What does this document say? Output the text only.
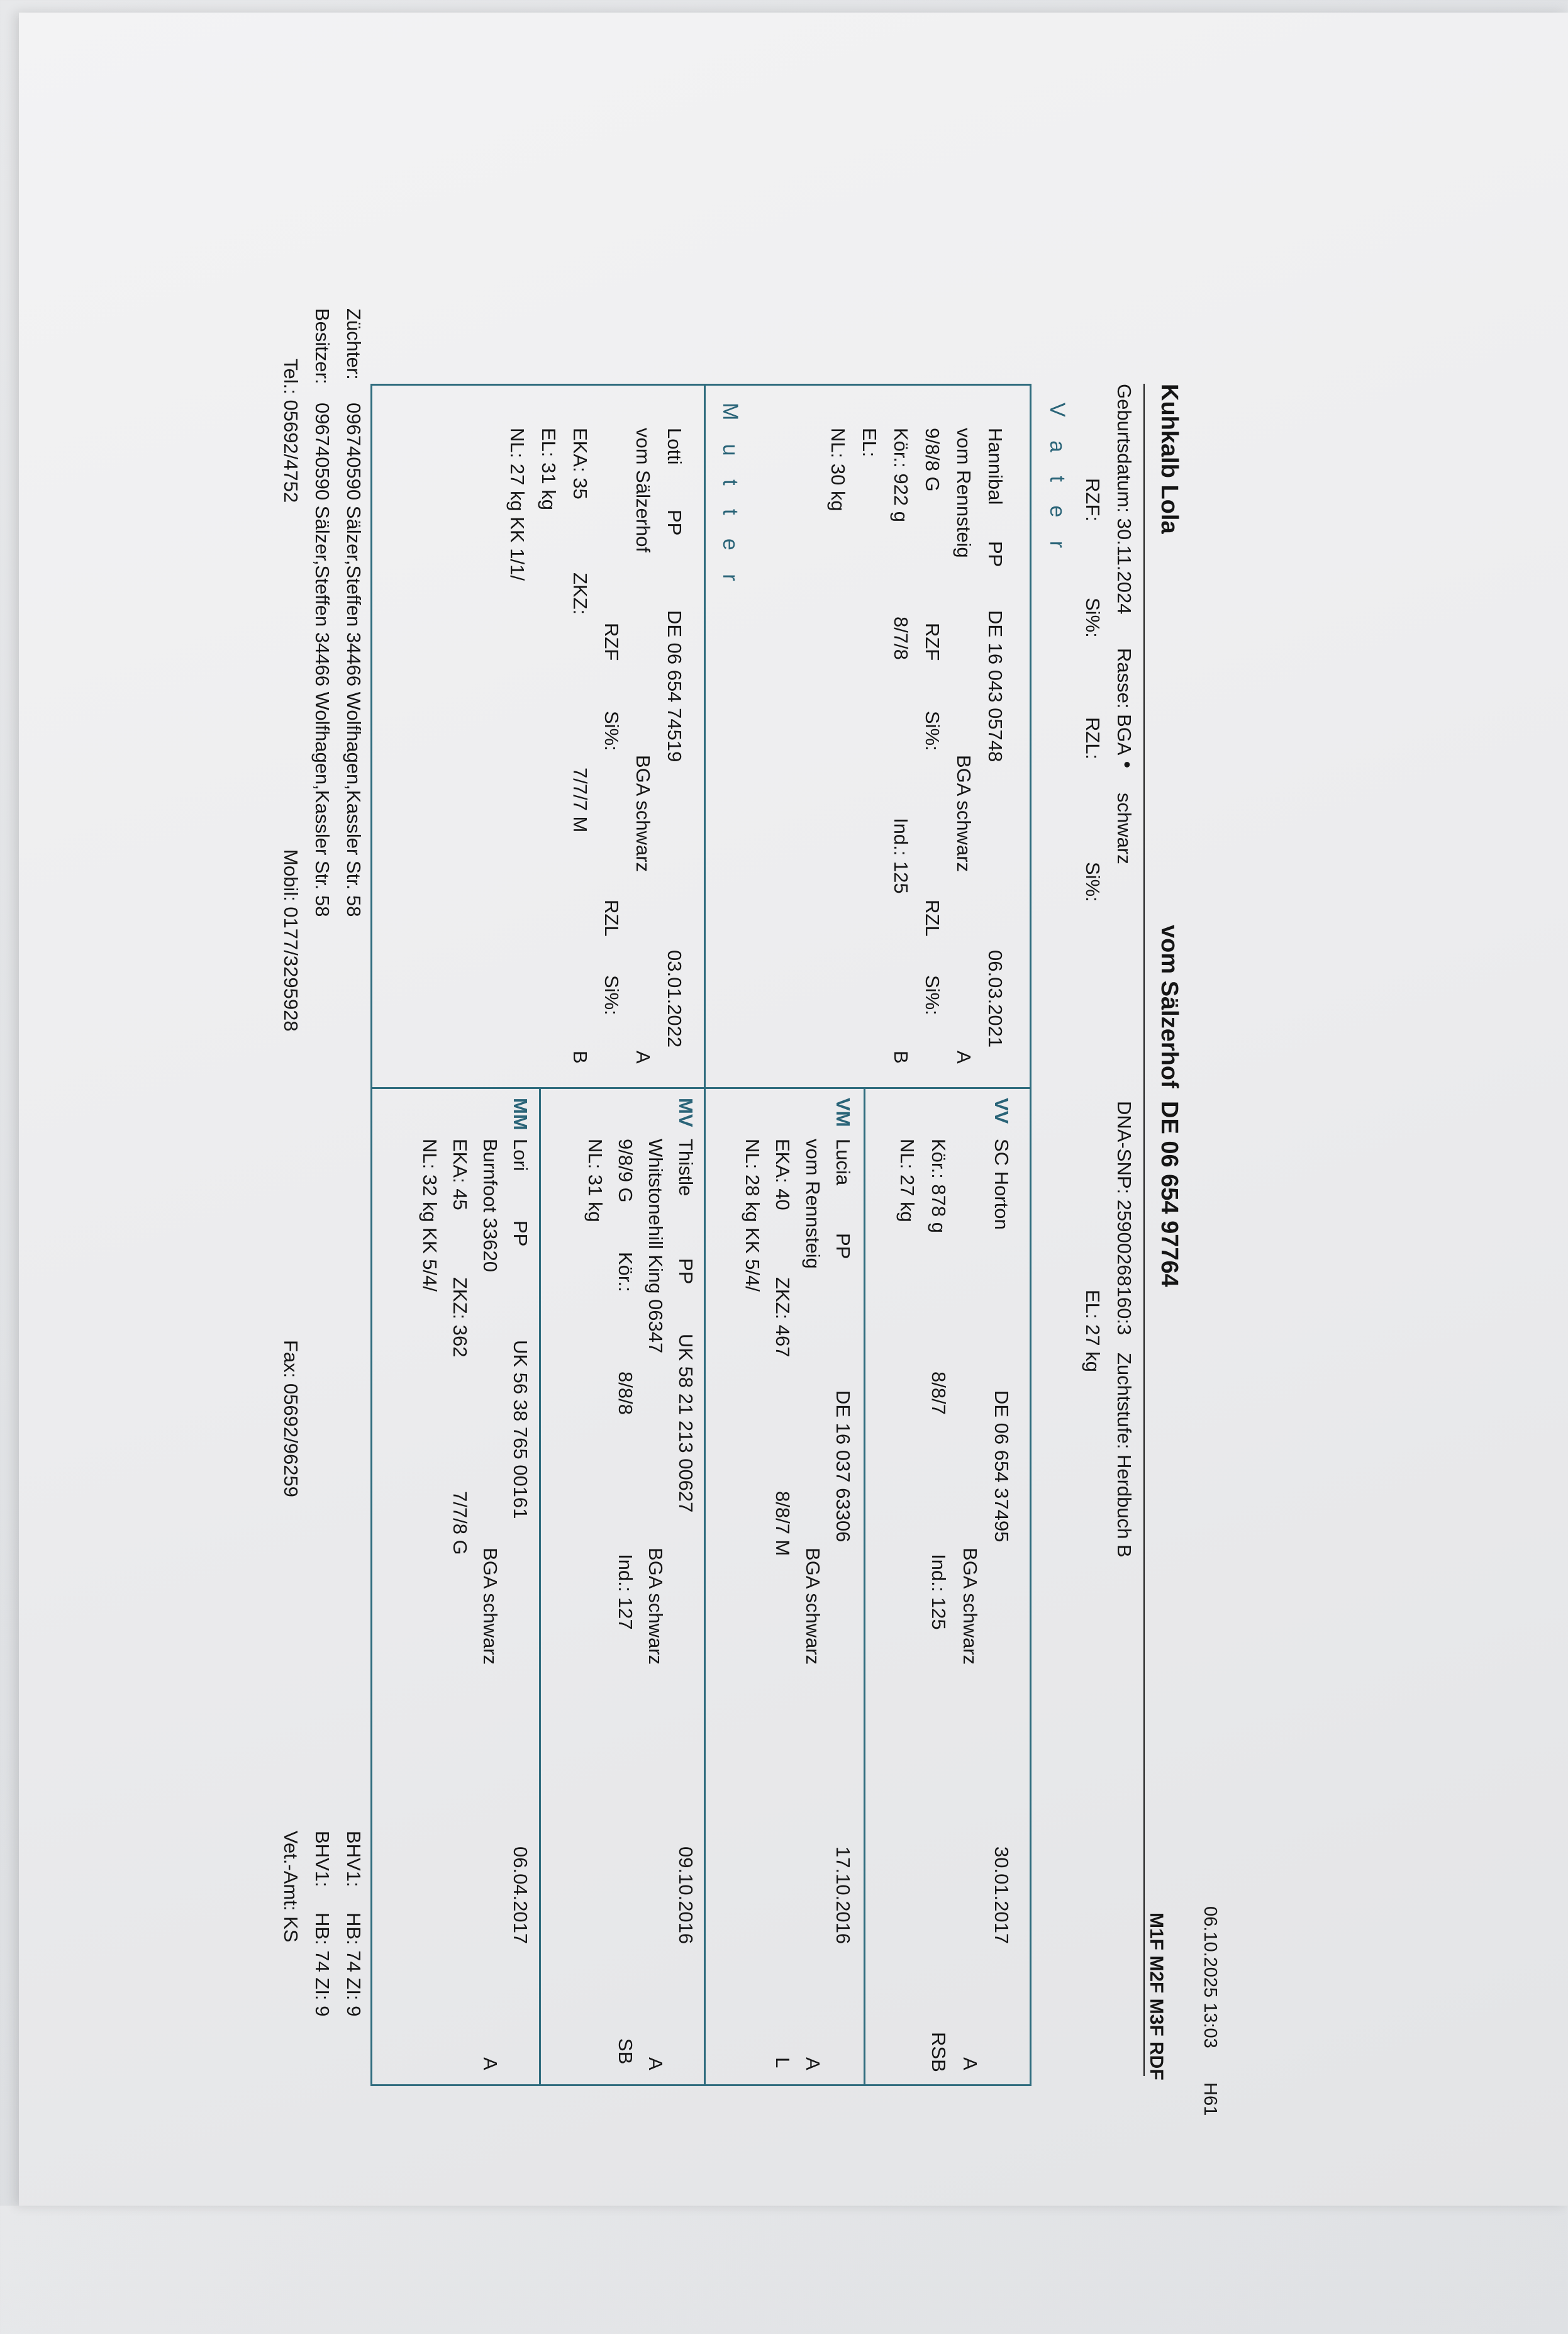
06.10.2025 13:03
H61
Kuhkalb Lola
vom Sälzerhof
DE 06 654 97764
M1F M2F M3F RDF
Geburtsdatum: 30.11.2024
Rasse: BGA
•
schwarz
DNA-SNP: 25900268160:3
Zuchtstufe: Herdbuch B
RZF:
Si%:
RZL:
Si%:
EL: 27 kg
V a t e r
M u t t e r	Hannibal
PP
DE 16 043 05748
06.03.2021
vom Rennsteig
BGA schwarz
A
9/8/8 G
RZF
Si%:
RZL
Si%:
Kör.: 922 g
8/7/8
Ind.: 125
B
EL:
NL: 30 kg
Lotti
PP
DE 06 654 74519
03.01.2022
vom Sälzerhof
BGA schwarz
A
RZF
Si%:
RZL
Si%:
EKA: 35
ZKZ:
7/7/7 M
B
EL: 31 kg
NL: 27 kg KK 1/1/
VV
SC Horton
DE 06 654 37495
30.01.2017
BGA schwarz
A
Kör.: 878 g
8/8/7
Ind.: 125
RSB
NL: 27 kg
VM
Lucia
PP
DE 16 037 63306
17.10.2016
vom Rennsteig
BGA schwarz
A
EKA: 40
ZKZ: 467
8/8/7 M
L
NL: 28 kg KK 5/4/
MV
Thistle
PP
UK 58 21 213 00627
09.10.2016
Whitstonehill King 06347
BGA schwarz
A
9/8/9 G
Kör.:
8/8/8
Ind.: 127
SB
NL: 31 kg
MM
Lori
PP
UK 56 38 765 00161
06.04.2017
Burnfoot 33620
BGA schwarz
A
EKA: 45
ZKZ: 362
7/7/8 G
NL: 32 kg KK 5/4/
Züchter:
096740590 Sälzer,Steffen 34466 Wolfhagen,Kassler Str. 58
Besitzer:
096740590 Sälzer,Steffen 34466 Wolfhagen,Kassler Str. 58
Tel.: 05692/4752
Mobil: 0177/3295928
Fax: 05692/96259
Vet.-Amt: KS BHV1:
HB: 74 ZI: 9
BHV1:
HB: 74 ZI: 9
